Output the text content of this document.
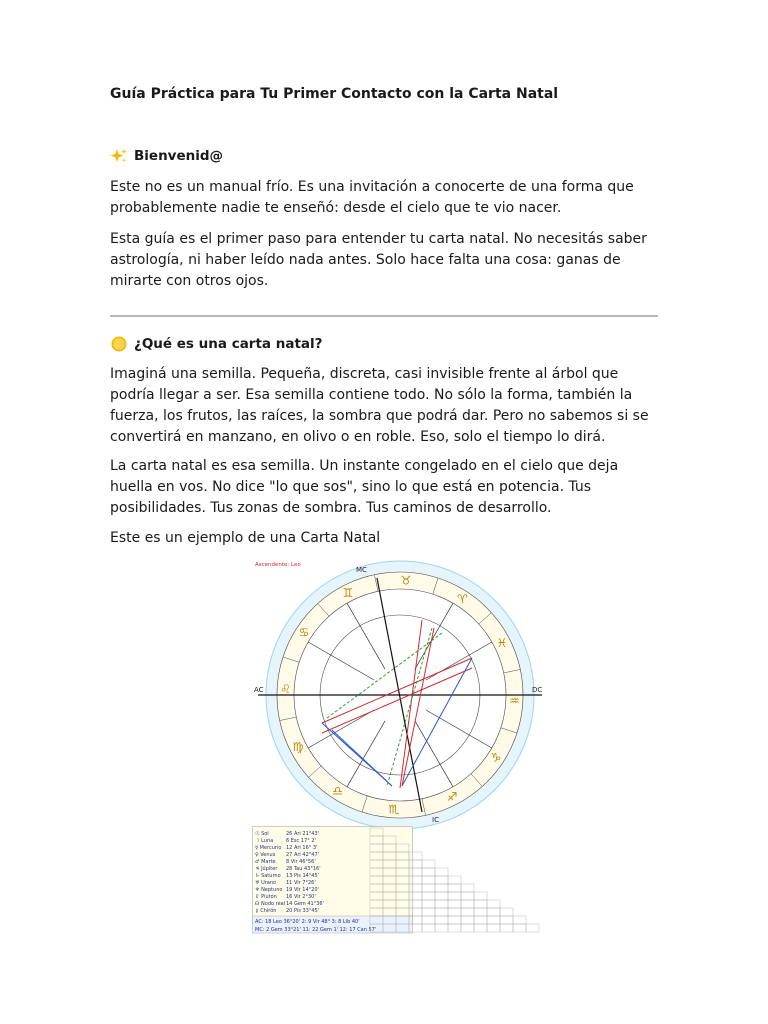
Guía Práctica para Tu Primer Contacto con la Carta Natal
Bienvenid@
Este no es un manual frío. Es una invitación a conocerte de una forma que probablemente nadie te enseñó: desde el cielo que te vio nacer.
Esta guía es el primer paso para entender tu carta natal. No necesitás saber astrología, ni haber leído nada antes. Solo hace falta una cosa: ganas de mirarte con otros ojos.
¿Qué es una carta natal?
Imaginá una semilla. Pequeña, discreta, casi invisible frente al árbol que podría llegar a ser. Esa semilla contiene todo. No sólo la forma, también la fuerza, los frutos, las raíces, la sombra que podrá dar. Pero no sabemos si se convertirá en manzano, en olivo o en roble. Eso, solo el tiempo lo dirá.
La carta natal es esa semilla. Un instante congelado en el cielo que deja huella en vos. No dice "lo que sos", sino lo que está en potencia. Tus posibilidades. Tus zonas de sombra. Tus caminos de desarrollo.
Este es un ejemplo de una Carta Natal
Ascendente: Leo
♌
♋
♊
♉
♈
♓
♒
♑
♐
♏
♎
♍
MC
IC
AC	DC
☉ Sol	26 Ari 21°43'
☽ Luna	6 Esc 17° 2'
☿ Mercurio 12 Ari 16° 3'
♀ Venus 27 Ari 42°47'
♂ Marte 8 Vir 46°56'
♃ Júpiter 28 Tau 43°16'
♄ Saturno 13 Pis 14°45'
♅ Urano 11 Vir 7°26'
♆ Neptuno 19 Vir 14°20'
♇ Plutón 16 Vir 2°30'
☊ Nodo real 14 Gem 41°36'
⚷ Chirón 20 Pis 33°45'
AC: 18 Leo 36°20' 2: 9 Vir 48° 3: 8 Lib 40'
MC: 2 Gem 33°21' 11: 22 Gem 1' 12: 17 Can 57'
